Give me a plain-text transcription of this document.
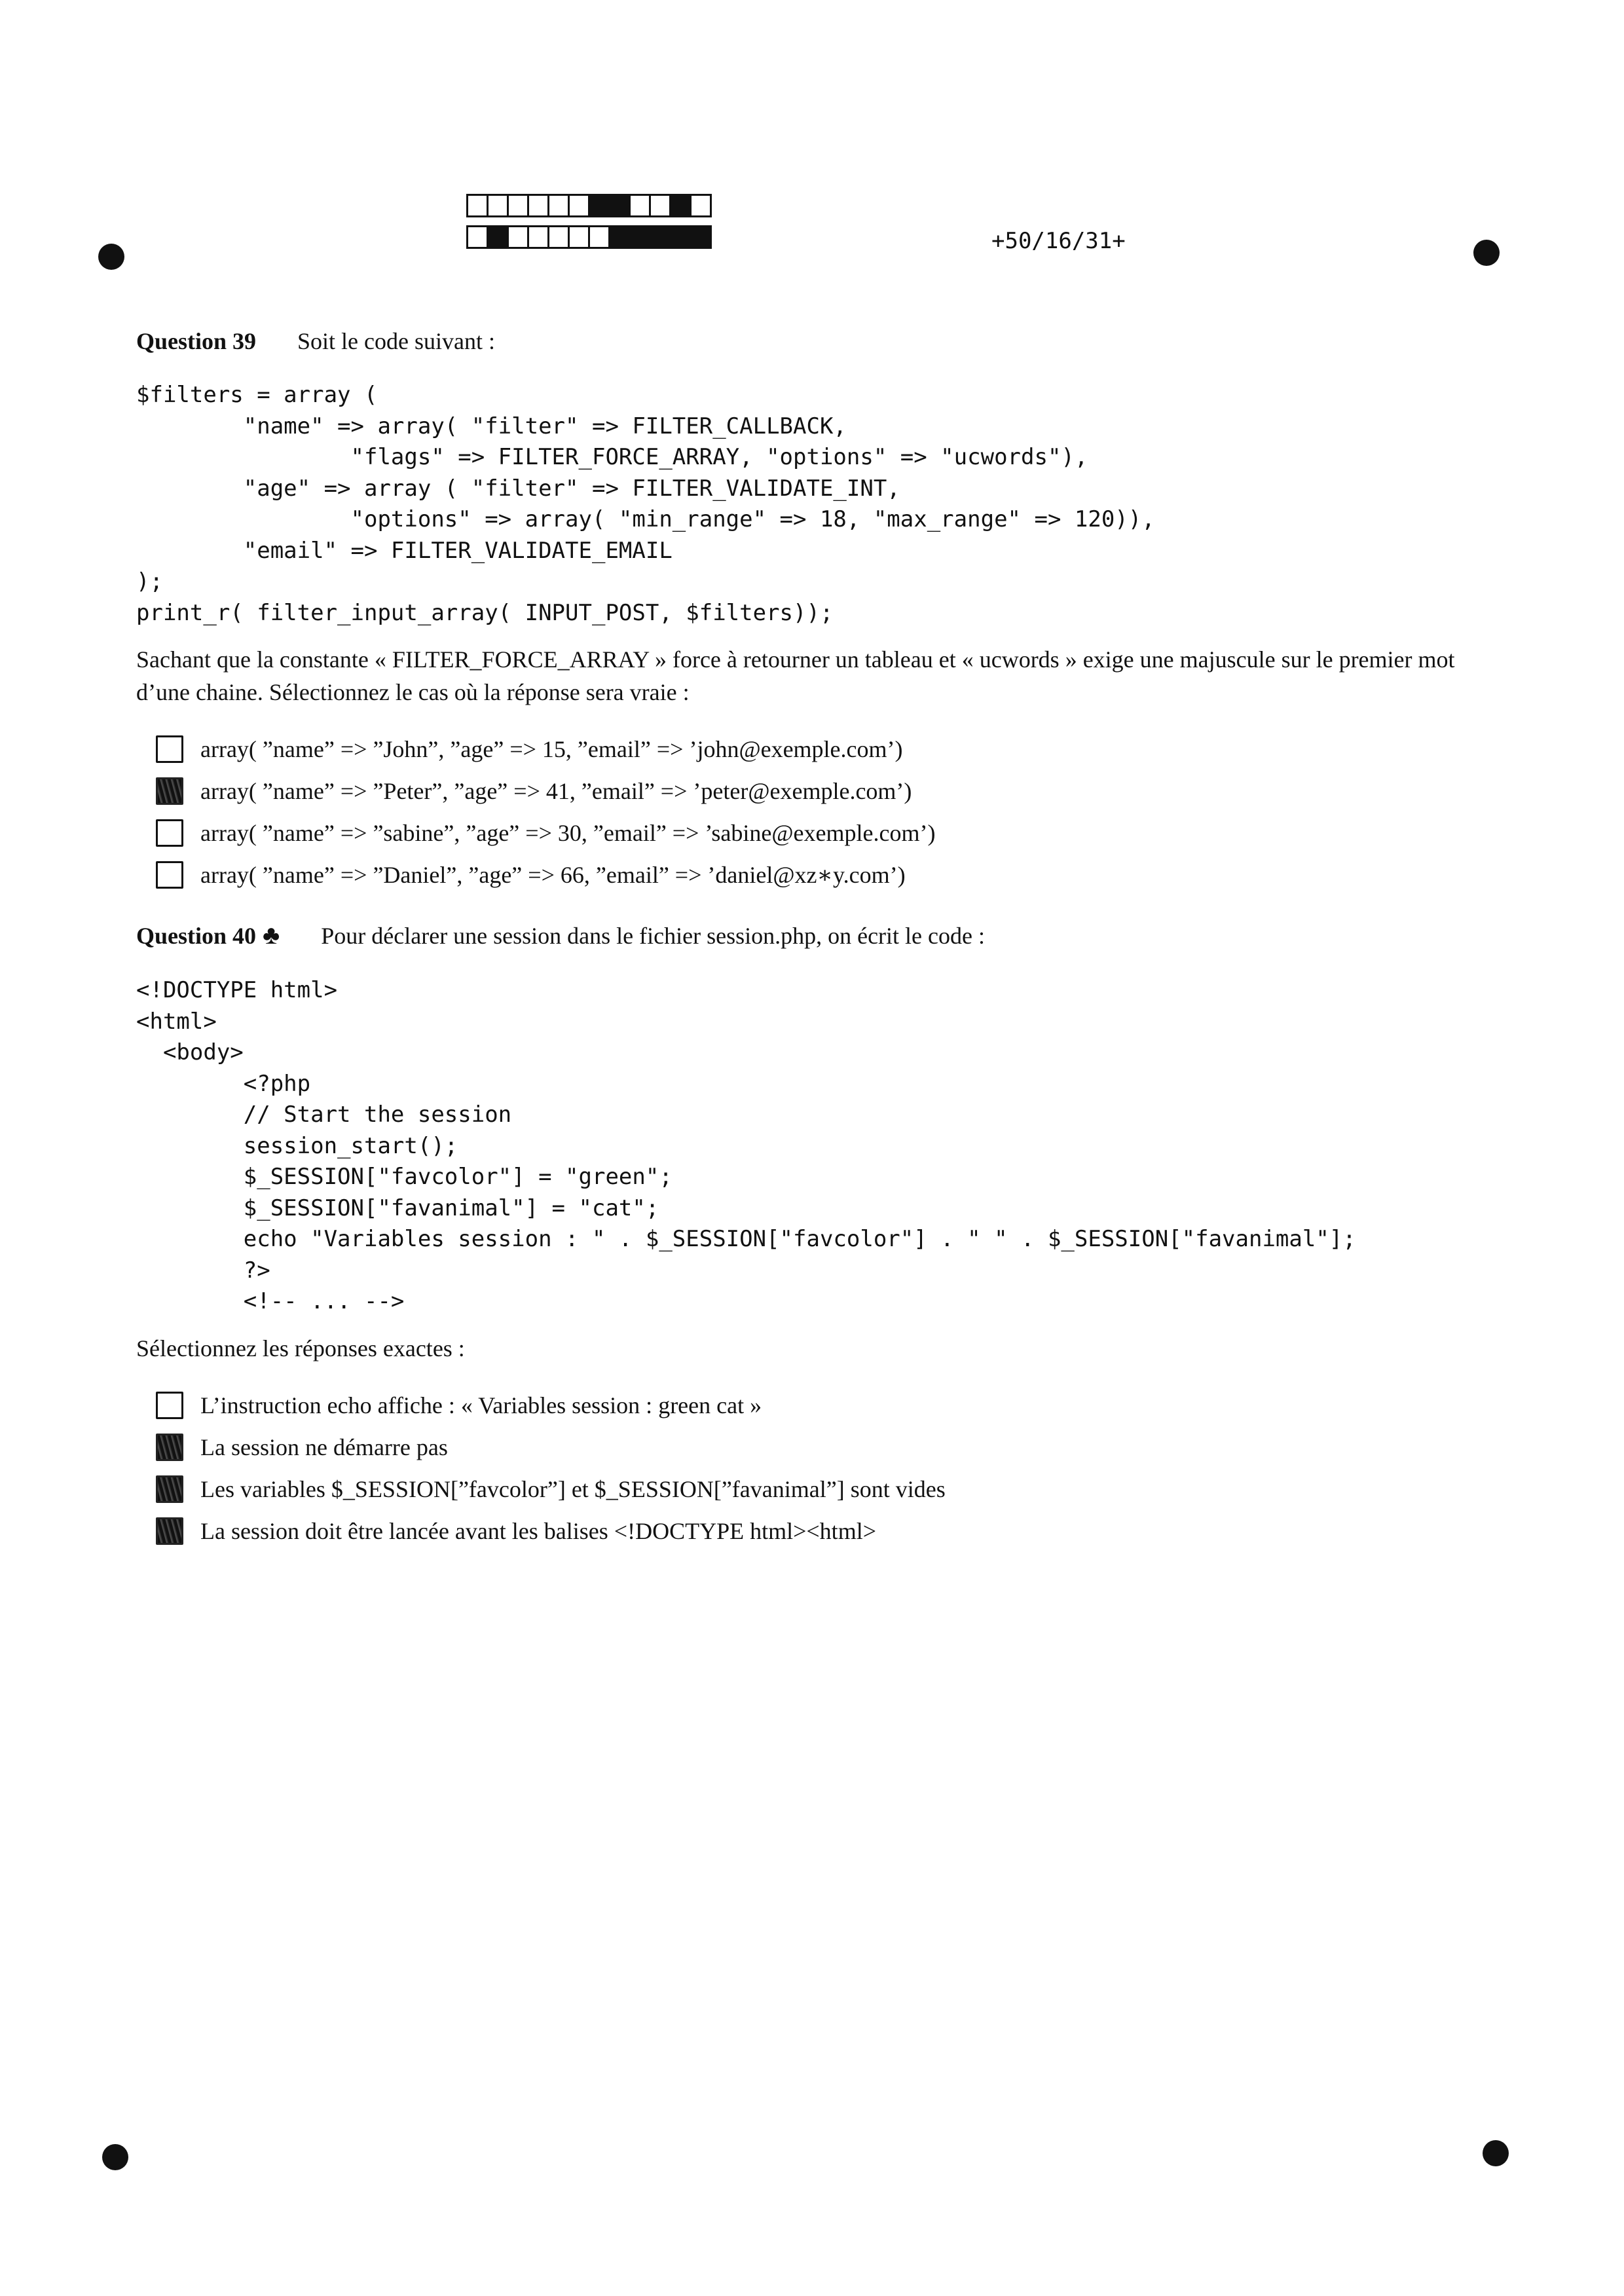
+50/16/31+
Question 39 Soit le code suivant :
$filters = array (
"name" => array( "filter" => FILTER_CALLBACK,
"flags" => FILTER_FORCE_ARRAY, "options" => "ucwords"),
"age" => array ( "filter" => FILTER_VALIDATE_INT,
"options" => array( "min_range" => 18, "max_range" => 120)),
"email" => FILTER_VALIDATE_EMAIL
);
print_r( filter_input_array( INPUT_POST, $filters));

Sachant que la constante « FILTER_FORCE_ARRAY » force à retourner un tableau et « ucwords » exige une majuscule sur le premier mot d’une chaine. Sélectionnez le cas où la réponse sera vraie :

array( ”name” => ”John”, ”age” => 15, ”email” => ’john@exemple.com’)
array( ”name” => ”Peter”, ”age” => 41, ”email” => ’peter@exemple.com’)
array( ”name” => ”sabine”, ”age” => 30, ”email” => ’sabine@exemple.com’)
array( ”name” => ”Daniel”, ”age” => 66, ”email” => ’daniel@xz∗y.com’)
Question 40 ♣ Pour déclarer une session dans le fichier session.php, on écrit le code :
<!DOCTYPE html>
<html>
<body>
<?php
// Start the session
session_start();
$_SESSION["favcolor"] = "green";
$_SESSION["favanimal"] = "cat";
echo "Variables session : " . $_SESSION["favcolor"] . " " . $_SESSION["favanimal"];
?>
<!-- ... -->

Sélectionnez les réponses exactes :

L’instruction echo affiche : « Variables session : green cat »
La session ne démarre pas
Les variables $_SESSION[”favcolor”] et $_SESSION[”favanimal”] sont vides
La session doit être lancée avant les balises <!DOCTYPE html><html>
